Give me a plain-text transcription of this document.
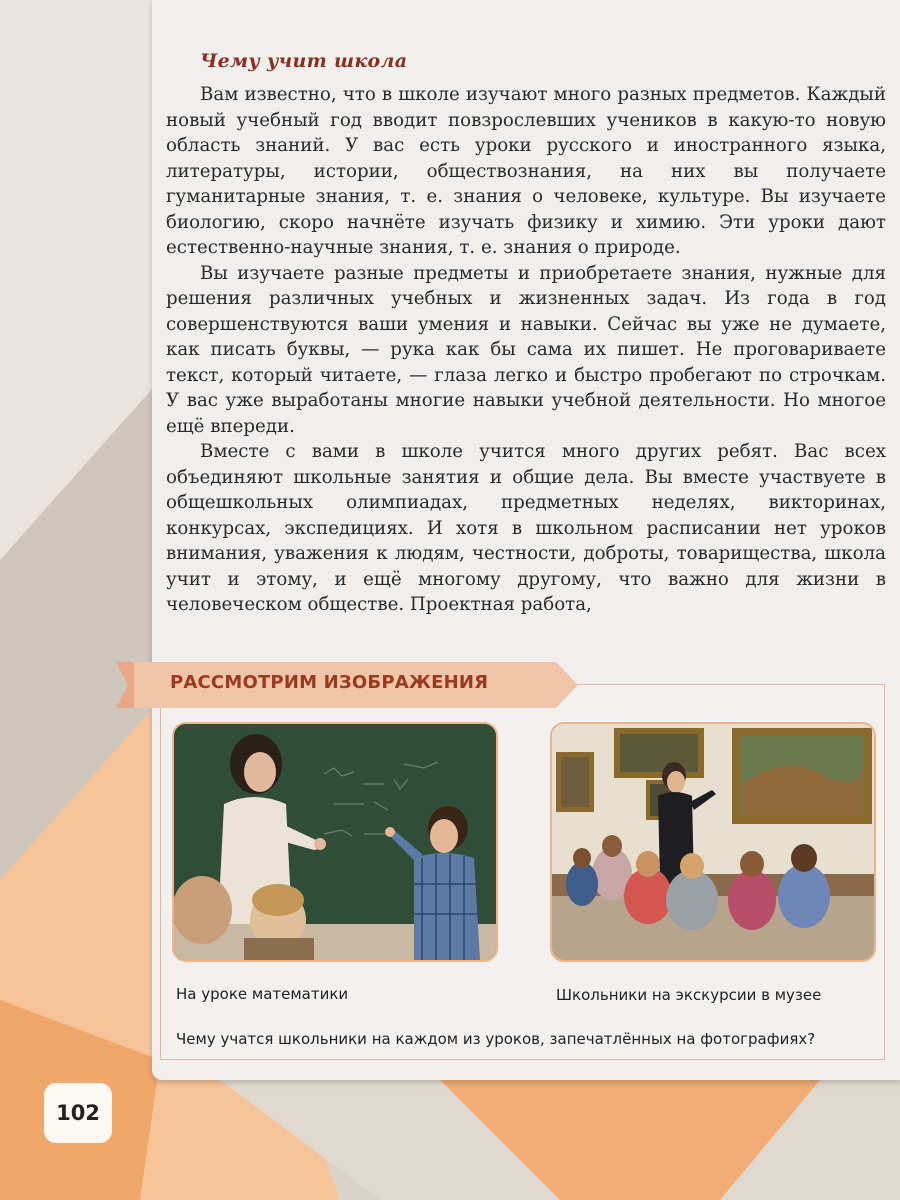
Чему учит школа

Вам известно, что в школе изучают много разных предметов. Каждый новый учебный год вводит повзрослевших учеников в какую-то новую область знаний. У вас есть уроки русского и иностранного языка, литературы, истории, обществознания, на них вы получаете гуманитарные знания, т. е. знания о человеке, культуре. Вы изучаете биологию, скоро начнёте изучать физику и химию. Эти уроки дают естественно-научные знания, т. е. знания о природе.

Вы изучаете разные предметы и приобретаете знания, нужные для решения различных учебных и жизненных задач. Из года в год совершенствуются ваши умения и навыки. Сейчас вы уже не думаете, как писать буквы, — рука как бы сама их пишет. Не проговариваете текст, который читаете, — глаза легко и быстро пробегают по строчкам. У вас уже выработаны многие навыки учебной деятельности. Но многое ещё впереди.

Вместе с вами в школе учится много других ребят. Вас всех объединяют школьные занятия и общие дела. Вы вместе участвуете в общешкольных олимпиадах, предметных неделях, викторинах, конкурсах, экспедициях. И хотя в школьном расписании нет уроков внимания, уважения к людям, честности, доброты, товарищества, школа учит и этому, и ещё многому другому, что важно для жизни в человеческом обществе. Проектная работа,

РАССМОТРИМ ИЗОБРАЖЕНИЯ
На уроке математики	Школьники на экскурсии в музее
Чему учатся школьники на каждом из уроков, запечатлённых на фотографиях?
102
